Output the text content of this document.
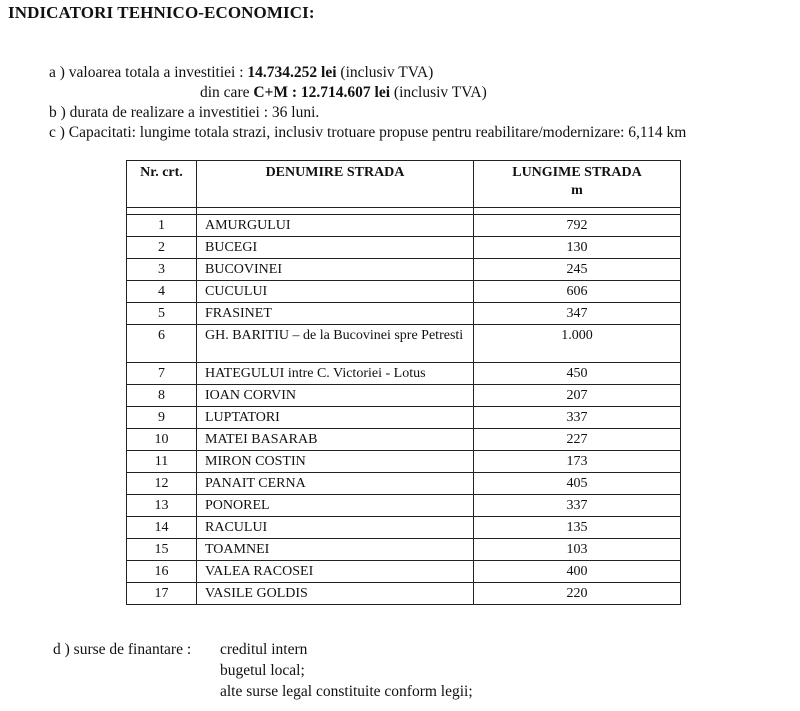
INDICATORI TEHNICO-ECONOMICI:
a ) valoarea totala a investitiei : 14.734.252 lei (inclusiv TVA)
din care C+M : 12.714.607 lei (inclusiv TVA)
b ) durata de realizare a investitiei : 36 luni.
c ) Capacitati: lungime totala strazi, inclusiv trotuare propuse pentru reabilitare/modernizare: 6,114 km
Nr. crt.	DENUMIRE STRADA	LUNGIME STRADA
m

1	AMURGULUI	792
2	BUCEGI	130
3	BUCOVINEI	245
4	CUCULUI	606
5	FRASINET	347
6	GH. BARITIU – de la Bucovinei spre Petresti	1.000
7	HATEGULUI intre C. Victoriei - Lotus	450
8	IOAN CORVIN	207
9	LUPTATORI	337
10	MATEI BASARAB	227
11	MIRON COSTIN	173
12	PANAIT CERNA	405
13	PONOREL	337
14	RACULUI	135
15	TOAMNEI	103
16	VALEA RACOSEI	400
17	VASILE GOLDIS	220
d ) surse de finantare : creditul intern
bugetul local;
alte surse legal constituite conform legii;
